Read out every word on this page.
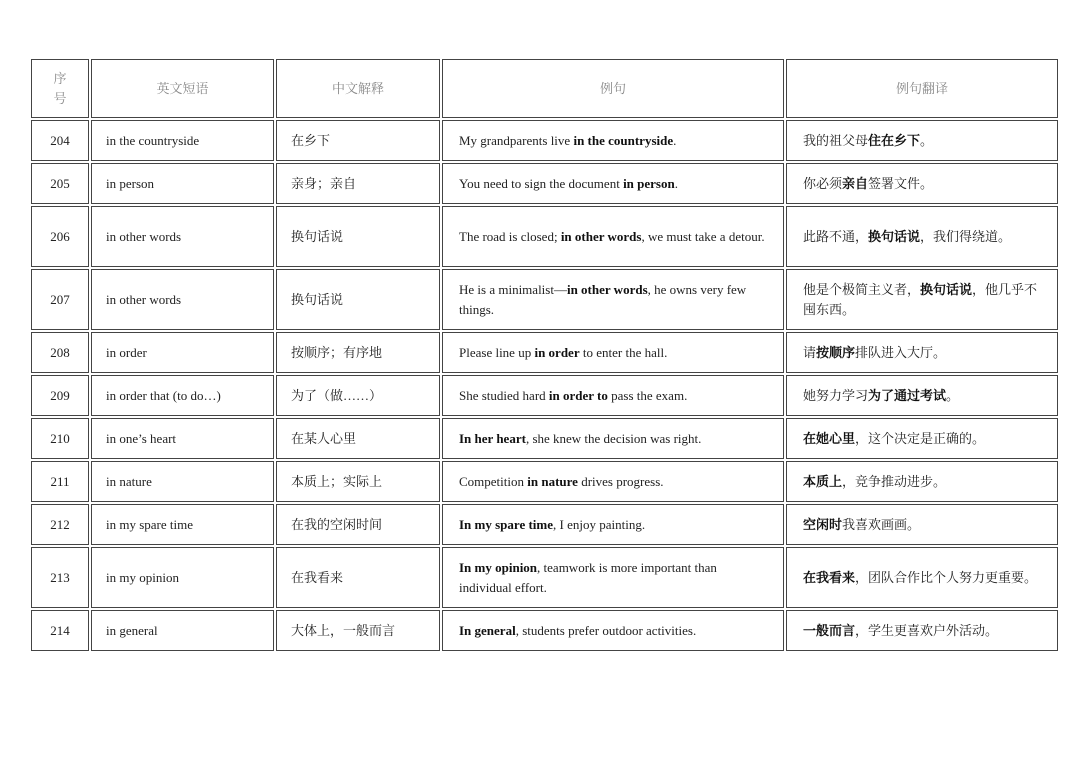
序
号	英文短语	中文解释	例句	例句翻译
204	in the countryside	在乡下	My grandparents live in the countryside.	我的祖父母住在乡下。
205	in person	亲身；亲自	You need to sign the document in person.	你必须亲自签署文件。
206	in other words	换句话说	The road is closed; in other words, we must take a detour.	此路不通，换句话说，我们得绕道。
207	in other words	换句话说	He is a minimalist—in other words, he owns very few things.	他是个极简主义者，换句话说，他几乎不囤东西。
208	in order	按顺序；有序地	Please line up in order to enter the hall.	请按顺序排队进入大厅。
209	in order that (to do…)	为了（做……）	She studied hard in order to pass the exam.	她努力学习为了通过考试。
210	in one’s heart	在某人心里	In her heart, she knew the decision was right.	在她心里，这个决定是正确的。
211	in nature	本质上；实际上	Competition in nature drives progress.	本质上，竞争推动进步。
212	in my spare time	在我的空闲时间	In my spare time, I enjoy painting.	空闲时我喜欢画画。
213	in my opinion	在我看来	In my opinion, teamwork is more important than individual effort.	在我看来，团队合作比个人努力更重要。
214	in general	大体上，一般而言	In general, students prefer outdoor activities.	一般而言，学生更喜欢户外活动。
